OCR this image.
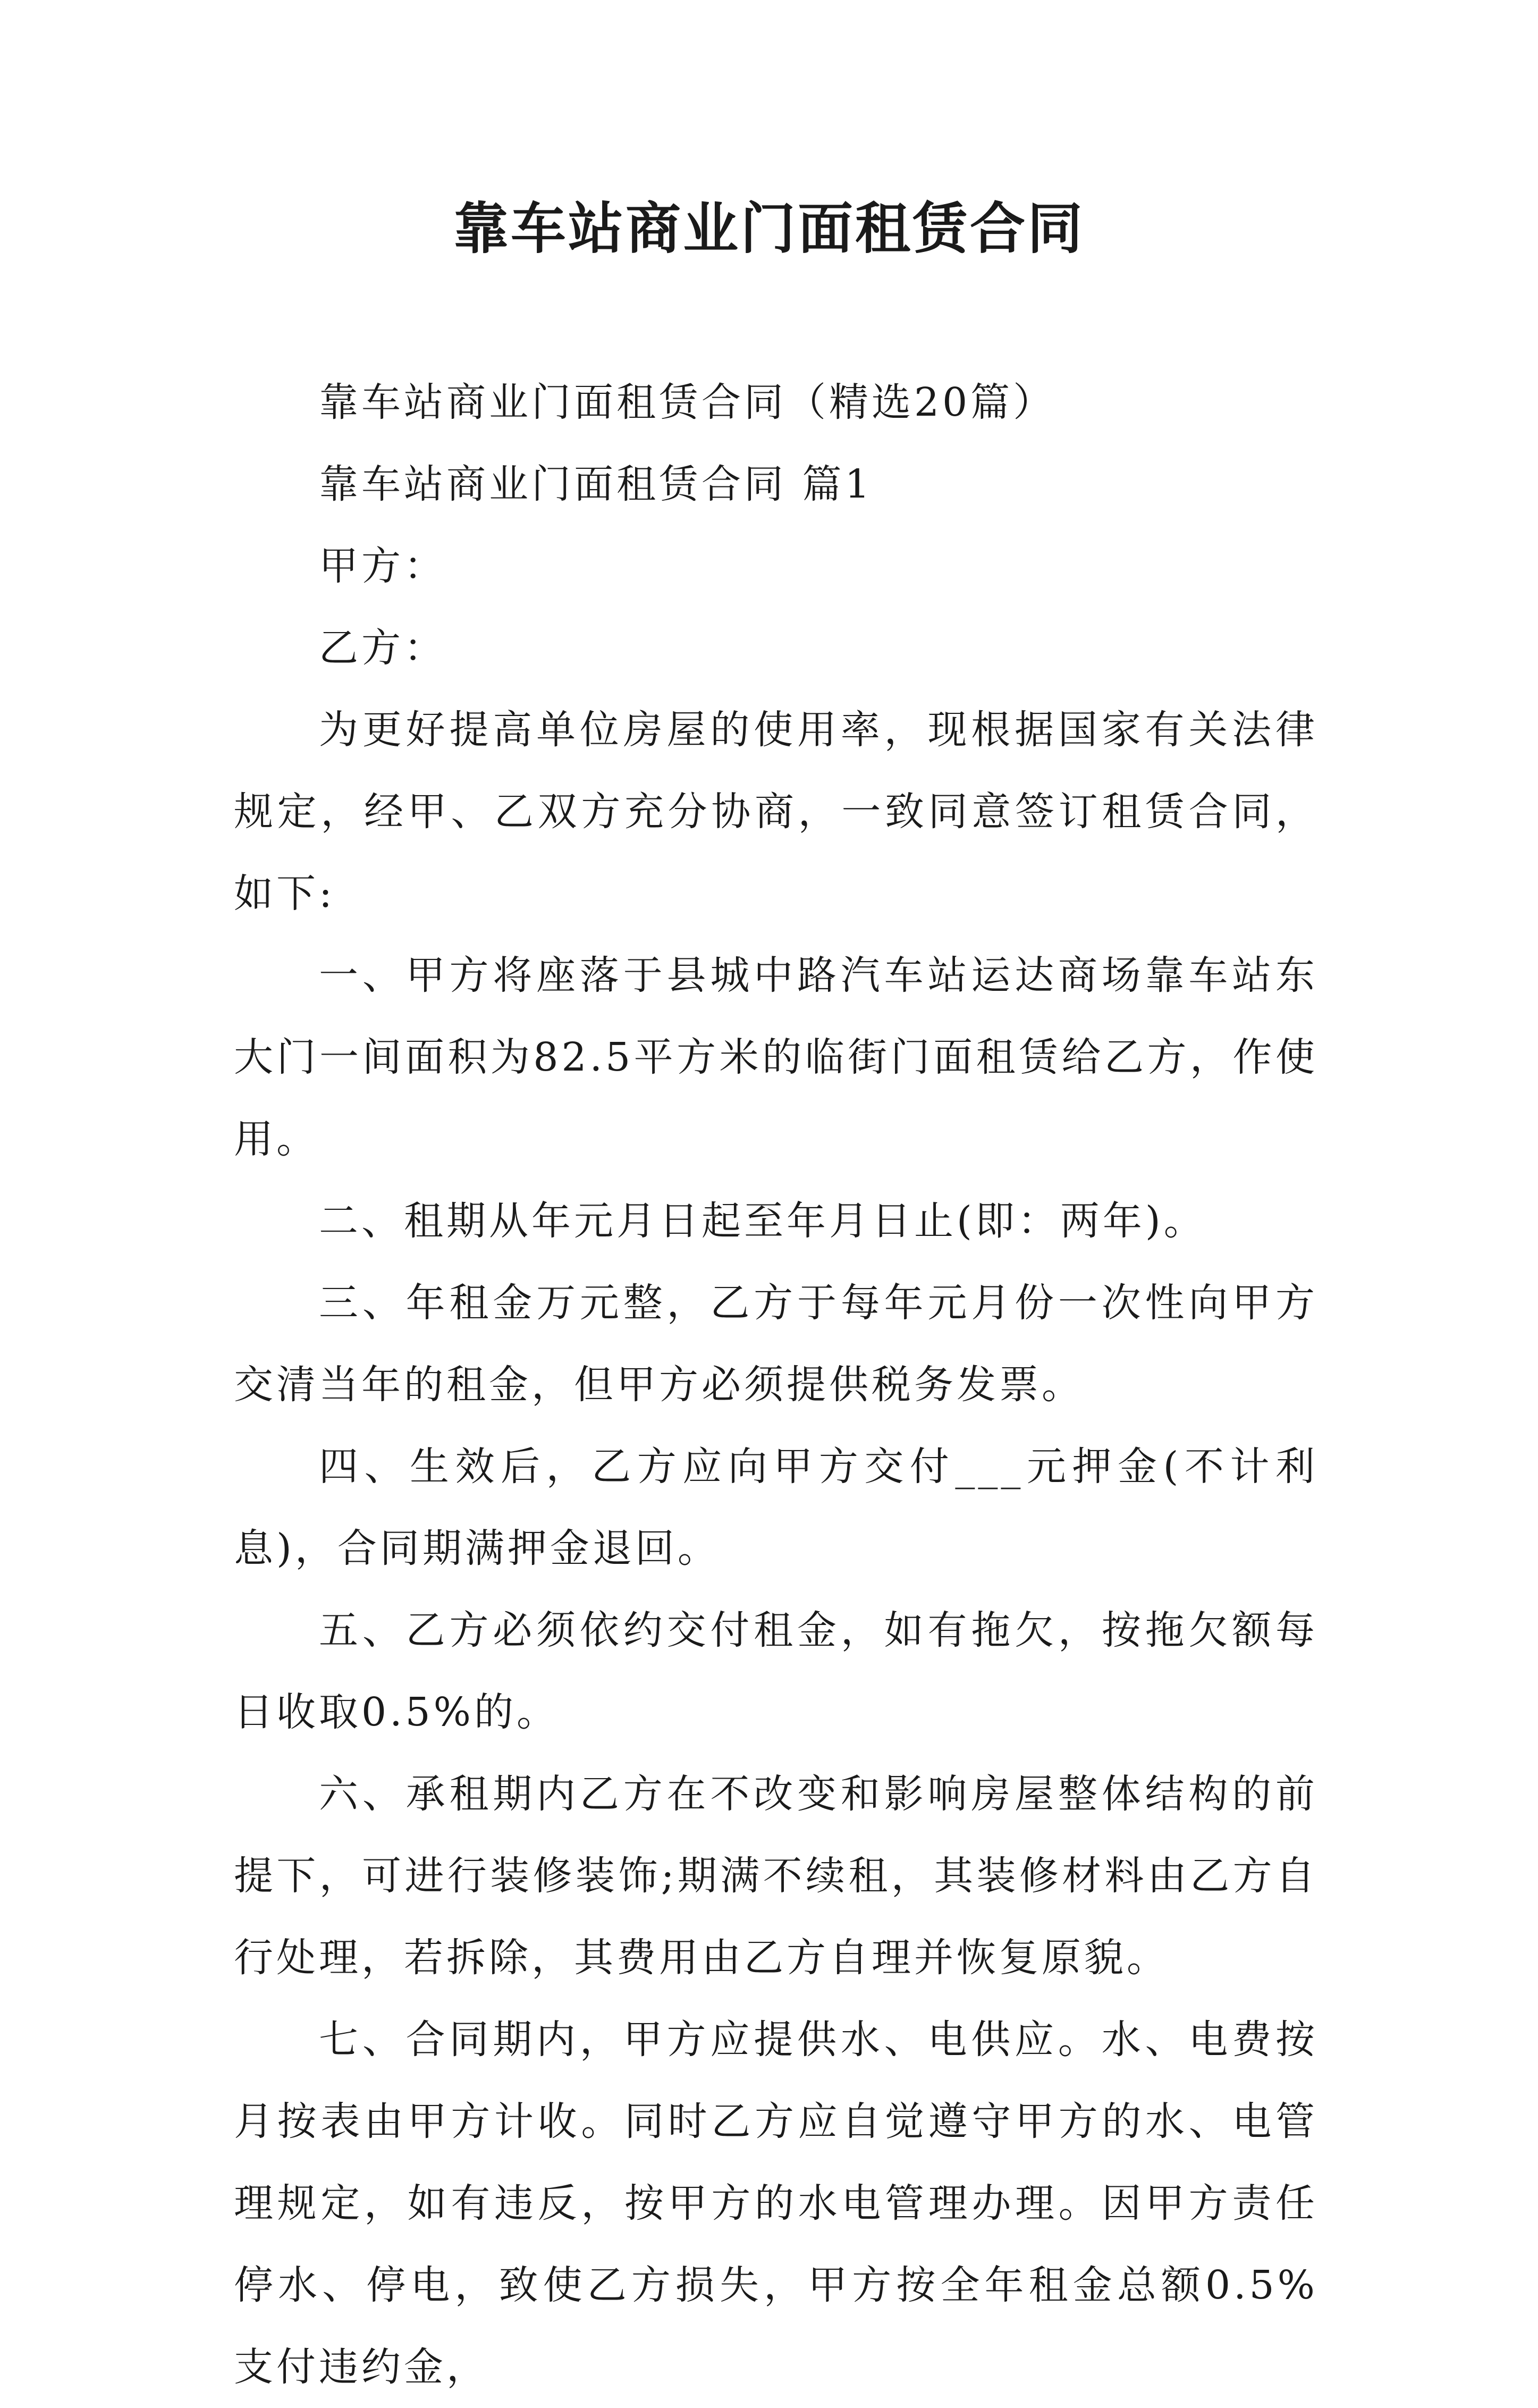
靠车站商业门面租赁合同

靠车站商业门面租赁合同（精选20篇）

靠车站商业门面租赁合同 篇1

甲方：

乙方：

为更好提高单位房屋的使用率，现根据国家有关法律规定，经甲、乙双方充分协商，一致同意签订租赁合同，如下:

一、甲方将座落于县城中路汽车站运达商场靠车站东大门一间面积为82.5平方米的临街门面租赁给乙方，作使用。

二、租期从年元月日起至年月日止(即：两年)。

三、年租金万元整，乙方于每年元月份一次性向甲方交清当年的租金，但甲方必须提供税务发票。

四、生效后，乙方应向甲方交付___元押金(不计利息)，合同期满押金退回。

五、乙方必须依约交付租金，如有拖欠，按拖欠额每日收取0.5%的。

六、承租期内乙方在不改变和影响房屋整体结构的前提下，可进行装修装饰;期满不续租，其装修材料由乙方自行处理，若拆除，其费用由乙方自理并恢复原貌。

七、合同期内，甲方应提供水、电供应。水、电费按月按表由甲方计收。同时乙方应自觉遵守甲方的水、电管理规定，如有违反，按甲方的水电管理办理。因甲方责任停水、停电，致使乙方损失，甲方按全年租金总额0.5%支付违约金，
